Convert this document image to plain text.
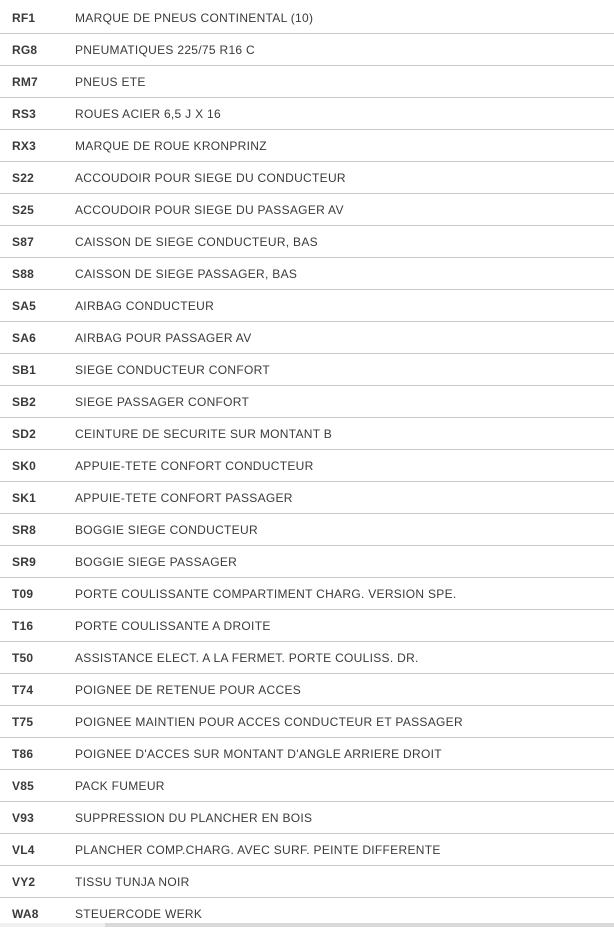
RF1	MARQUE DE PNEUS CONTINENTAL (10)
RG8	PNEUMATIQUES 225/75 R16 C
RM7	PNEUS ETE
RS3	ROUES ACIER 6,5 J X 16
RX3	MARQUE DE ROUE KRONPRINZ
S22	ACCOUDOIR POUR SIEGE DU CONDUCTEUR
S25	ACCOUDOIR POUR SIEGE DU PASSAGER AV
S87	CAISSON DE SIEGE CONDUCTEUR, BAS
S88	CAISSON DE SIEGE PASSAGER, BAS
SA5	AIRBAG CONDUCTEUR
SA6	AIRBAG POUR PASSAGER AV
SB1	SIEGE CONDUCTEUR CONFORT
SB2	SIEGE PASSAGER CONFORT
SD2	CEINTURE DE SECURITE SUR MONTANT B
SK0	APPUIE-TETE CONFORT CONDUCTEUR
SK1	APPUIE-TETE CONFORT PASSAGER
SR8	BOGGIE SIEGE CONDUCTEUR
SR9	BOGGIE SIEGE PASSAGER
T09	PORTE COULISSANTE COMPARTIMENT CHARG. VERSION SPE.
T16	PORTE COULISSANTE A DROITE
T50	ASSISTANCE ELECT. A LA FERMET. PORTE COULISS. DR.
T74	POIGNEE DE RETENUE POUR ACCES
T75	POIGNEE MAINTIEN POUR ACCES CONDUCTEUR ET PASSAGER
T86	POIGNEE D'ACCES SUR MONTANT D'ANGLE ARRIERE DROIT
V85	PACK FUMEUR
V93	SUPPRESSION DU PLANCHER EN BOIS
VL4	PLANCHER COMP.CHARG. AVEC SURF. PEINTE DIFFERENTE
VY2	TISSU TUNJA NOIR
WA8	STEUERCODE WERK
